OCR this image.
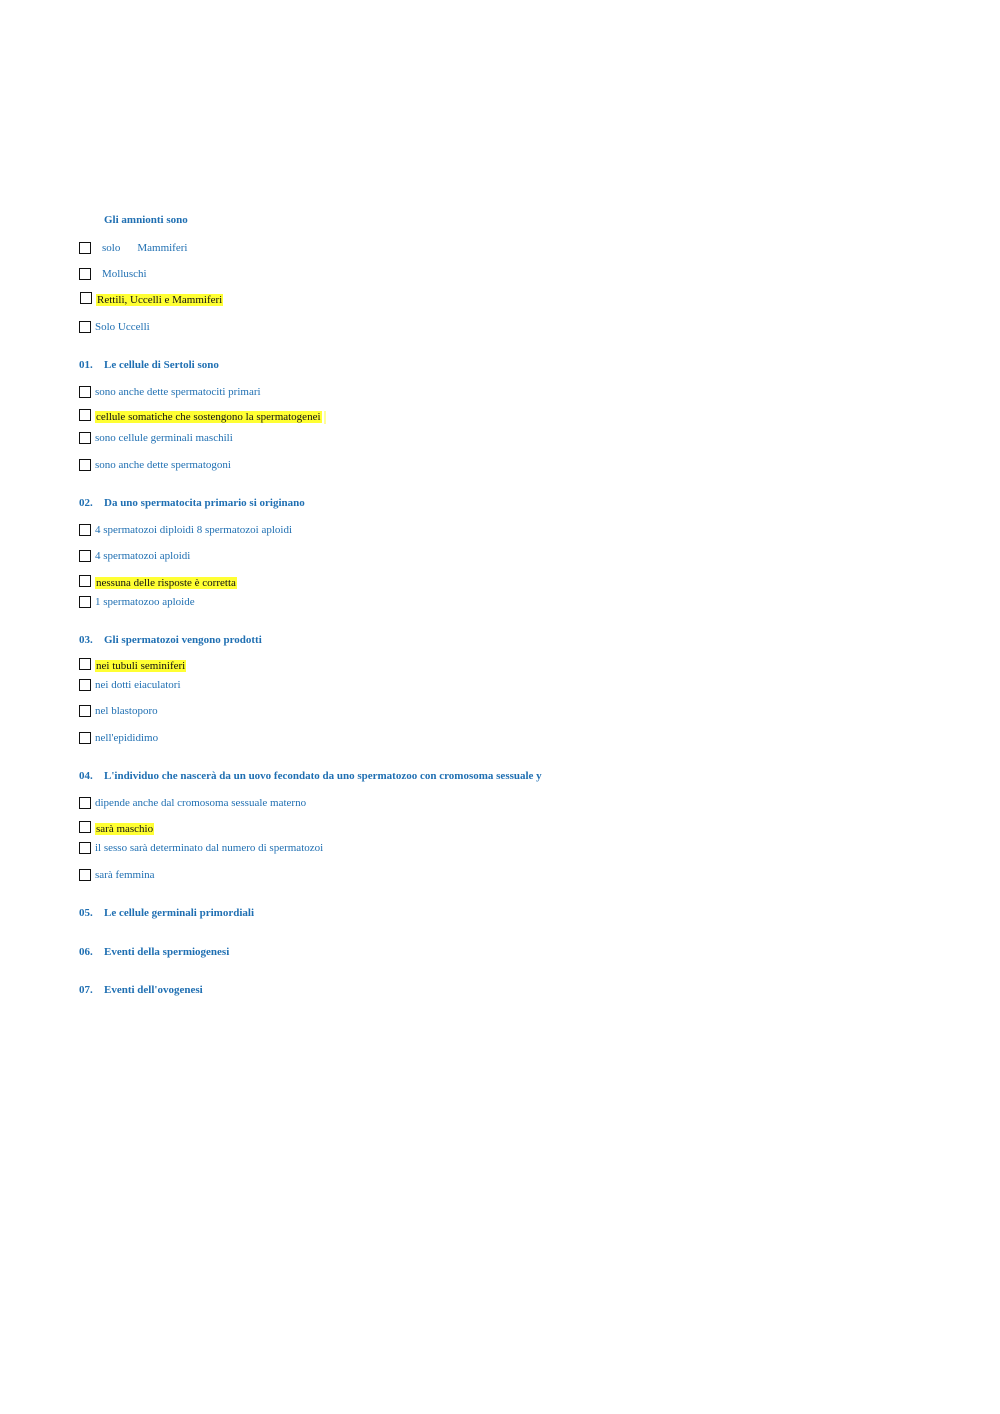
Gli amnionti sono
solo Mammiferi
Molluschi
Rettili, Uccelli e Mammiferi
Solo Uccelli
01. Le cellule di Sertoli sono
sono anche dette spermatociti primari
cellule somatiche che sostengono la spermatogenei
sono cellule germinali maschili
sono anche dette spermatogoni
02. Da uno spermatocita primario si originano
4 spermatozoi diploidi 8 spermatozoi aploidi
4 spermatozoi aploidi
nessuna delle risposte è corretta
1 spermatozoo aploide
03. Gli spermatozoi vengono prodotti
nei tubuli seminiferi
nei dotti eiaculatori
nel blastoporo
nell'epididimo
04. L'individuo che nascerà da un uovo fecondato da uno spermatozoo con cromosoma sessuale y
dipende anche dal cromosoma sessuale materno
sarà maschio
il sesso sarà determinato dal numero di spermatozoi
sarà femmina
05. Le cellule germinali primordiali
06. Eventi della spermiogenesi
07. Eventi dell'ovogenesi
